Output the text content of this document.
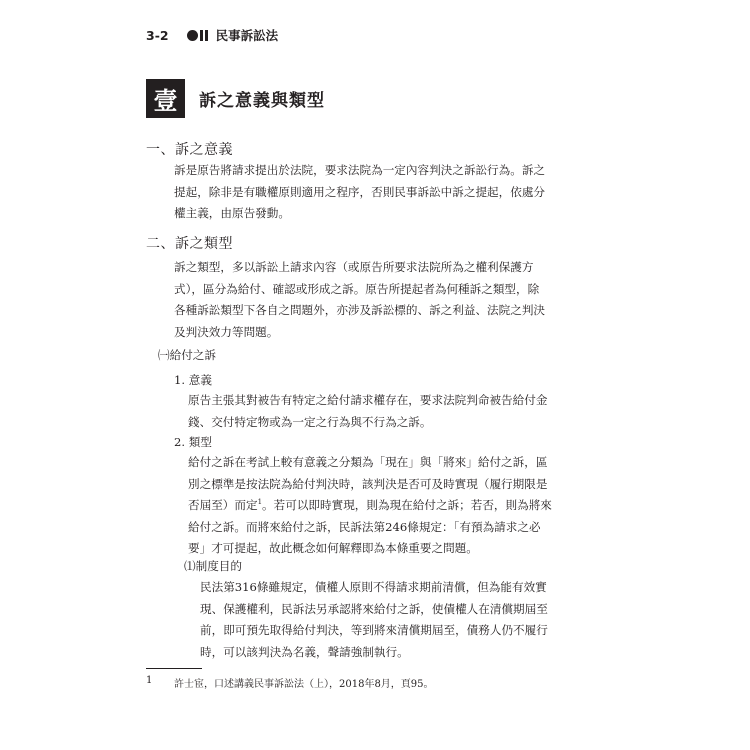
3-2	民事訴訟法
壹	訴之意義與類型
一、訴之意義
訴是原告將請求提出於法院，要求法院為一定內容判決之訴訟行為。訴之
提起，除非是有職權原則適用之程序，否則民事訴訟中訴之提起，依處分
權主義，由原告發動。
二、訴之類型
訴之類型，多以訴訟上請求內容（或原告所要求法院所為之權利保護方
式），區分為給付、確認或形成之訴。原告所提起者為何種訴之類型，除
各種訴訟類型下各自之問題外，亦涉及訴訟標的、訴之利益、法院之判決
及判決效力等問題。
㈠給付之訴
1. 意義
原告主張其對被告有特定之給付請求權存在，要求法院判命被告給付金
錢、交付特定物或為一定之行為與不行為之訴。
2. 類型
給付之訴在考試上較有意義之分類為「現在」與「將來」給付之訴，區
別之標準是按法院為給付判決時，該判決是否可及時實現（履行期限是
否屆至）而定$^1$。若可以即時實現，則為現在給付之訴；若否，則為將來
給付之訴。而將來給付之訴，民訴法第246條規定：「有預為請求之必
要」才可提起，故此概念如何解釋即為本條重要之問題。
⑴制度目的
民法第316條雖規定，債權人原則不得請求期前清償，但為能有效實
現、保護權利，民訴法另承認將來給付之訴，使債權人在清償期屆至
前，即可預先取得給付判決，等到將來清償期屆至，債務人仍不履行
時，可以該判決為名義，聲請強制執行。
1	許士宦，口述講義民事訴訟法（上），2018年8月，頁95。
